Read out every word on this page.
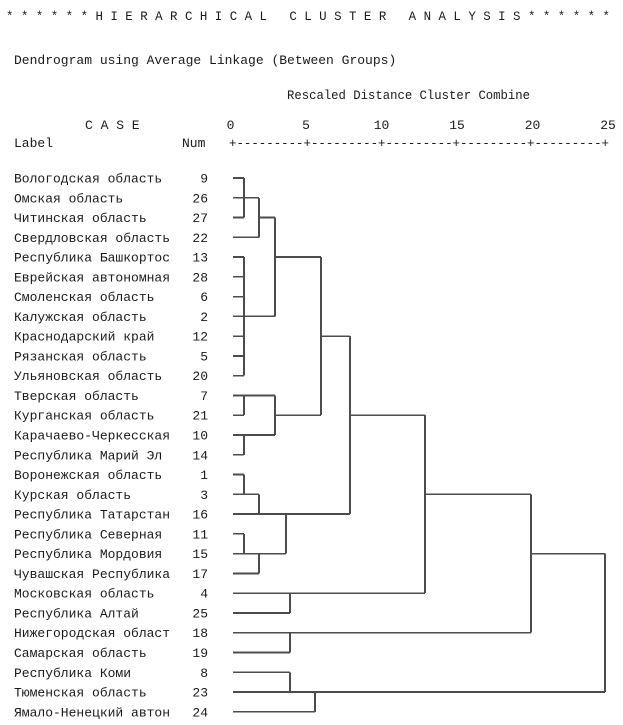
* * * * * * H I E R A R C H I C A L   C L U S T E R   A N A L Y S I S * * * * * *
Dendrogram using Average Linkage (Between Groups)
Rescaled Distance Cluster Combine
C A S E
Label	Num +---------+---------+---------+---------+---------+
0	5	10	15	20	25
Вологодская область	9
Омская область	26
Читинская область	27
Свердловская область 22
Республика Башкортос 13
Еврейская автономная 28
Смоленская область	6
Калужская область	2
Краснодарский край	12
Рязанская область	5
Ульяновская область 20
Тверская область	7
Курганская область	21
Карачаево-Черкесская 10
Республика Марий Эл 14
Воронежская область	1
Курская область	3
Республика Татарстан 16
Республика Северная 11
Республика Мордовия 15
Чувашская Республика 17
Московская область	4
Республика Алтай	25
Нижегородская област 18
Самарская область	19
Республика Коми	8
Тюменская область	23
Ямало-Ненецкий автон 24
